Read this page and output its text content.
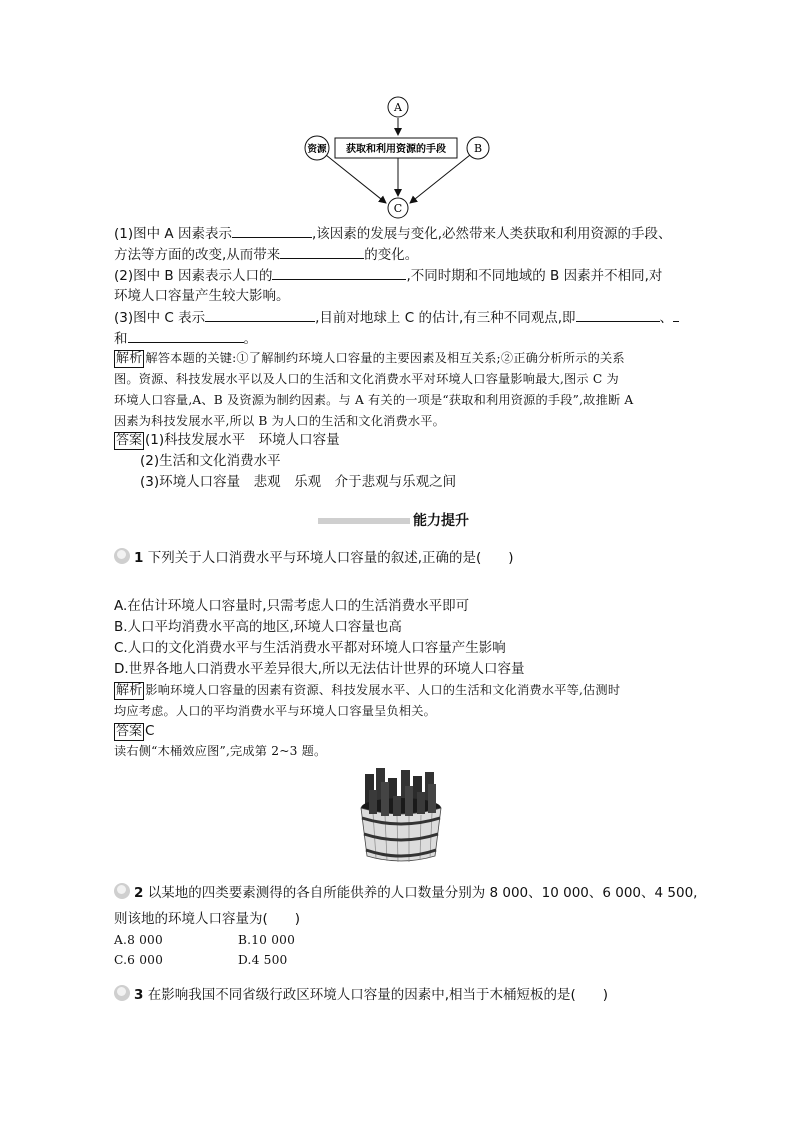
A
资源 获取和利用资源的手段	B
C
(1)图中 A 因素表示	,该因素的发展与变化,必然带来人类获取和利用资源的手段、
方法等方面的改变,从而带来	的变化。
(2)图中 B 因素表示人口的	,不同时期和不同地域的 B 因素并不相同,对
环境人口容量产生较大影响。
(3)图中 C 表示	,目前对地球上 C 的估计,有三种不同观点,即	、
和	。
解析 解答本题的关键:①了解制约环境人口容量的主要因素及相互关系;②正确分析所示的关系
图。资源、科技发展水平以及人口的生活和文化消费水平对环境人口容量影响最大,图示 C 为
环境人口容量,A、B 及资源为制约因素。与 A 有关的一项是“获取和利用资源的手段”,故推断 A
因素为科技发展水平,所以 B 为人口的生活和文化消费水平。
答案 (1)科技发展水平　环境人口容量
(2)生活和文化消费水平
(3)环境人口容量　悲观　乐观　介于悲观与乐观之间
能力提升
1 下列关于人口消费水平与环境人口容量的叙述,正确的是(　　)
A.在估计环境人口容量时,只需考虑人口的生活消费水平即可
B.人口平均消费水平高的地区,环境人口容量也高
C.人口的文化消费水平与生活消费水平都对环境人口容量产生影响
D.世界各地人口消费水平差异很大,所以无法估计世界的环境人口容量
解析 影响环境人口容量的因素有资源、科技发展水平、人口的生活和文化消费水平等,估测时
均应考虑。人口的平均消费水平与环境人口容量呈负相关。
答案 C
读右侧“木桶效应图”,完成第 2~3 题。
2 以某地的四类要素测得的各自所能供养的人口数量分别为 8 000、10 000、6 000、4 500,
则该地的环境人口容量为(　　)
A.8 000	B.10 000
C.6 000	D.4 500
3 在影响我国不同省级行政区环境人口容量的因素中,相当于木桶短板的是(　　)
